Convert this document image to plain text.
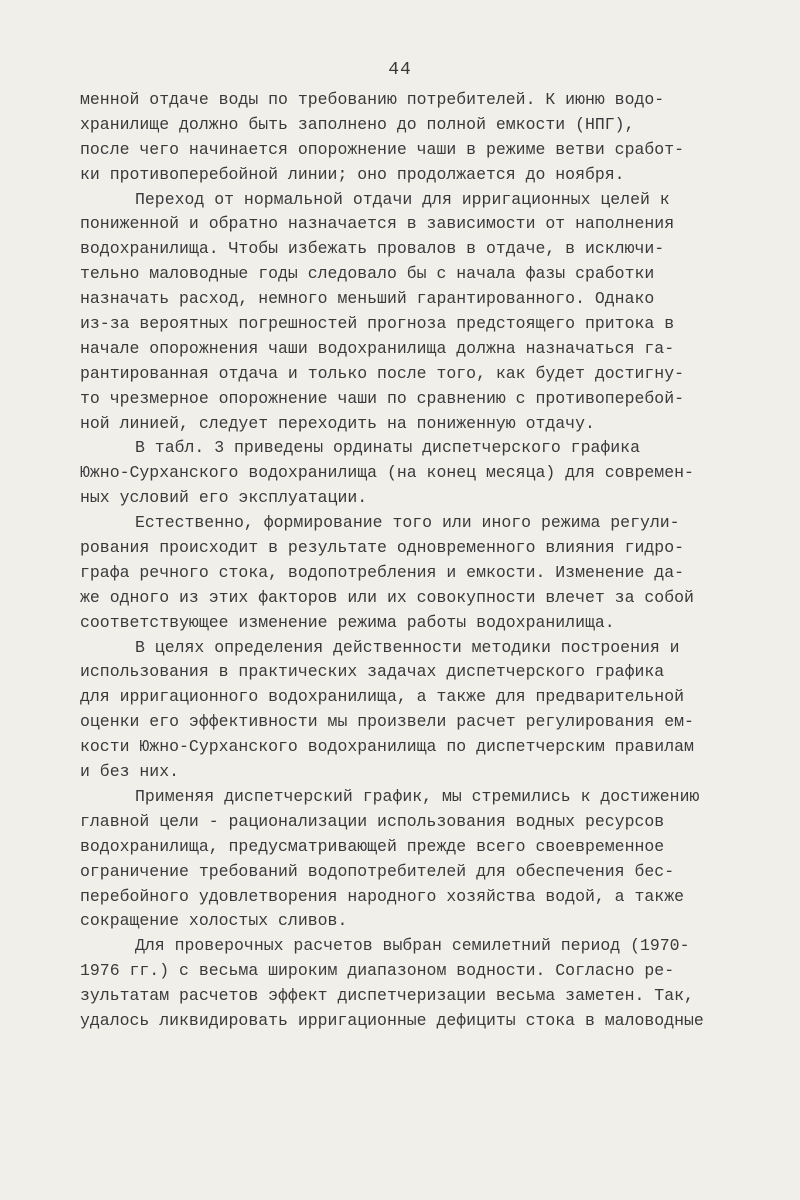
44
менной отдаче воды по требованию потребителей. К июню водо-
хранилище должно быть заполнено до полной емкости (НПГ),
после чего начинается опорожнение чаши в режиме ветви сработ-
ки противоперебойной линии; оно продолжается до ноября.
Переход от нормальной отдачи для ирригационных целей к
пониженной и обратно назначается в зависимости от наполнения
водохранилища. Чтобы избежать провалов в отдаче, в исключи-
тельно маловодные годы следовало бы с начала фазы сработки
назначать расход, немного меньший гарантированного. Однако
из-за вероятных погрешностей прогноза предстоящего притока в
начале опорожнения чаши водохранилища должна назначаться га-
рантированная отдача и только после того, как будет достигну-
то чрезмерное опорожнение чаши по сравнению с противоперебой-
ной линией, следует переходить на пониженную отдачу.
В табл. 3 приведены ординаты диспетчерского графика
Южно-Сурханского водохранилища (на конец месяца) для современ-
ных условий его эксплуатации.
Естественно, формирование того или иного режима регули-
рования происходит в результате одновременного влияния гидро-
графа речного стока, водопотребления и емкости. Изменение да-
же одного из этих факторов или их совокупности влечет за собой
соответствующее изменение режима работы водохранилища.
В целях определения действенности методики построения и
использования в практических задачах диспетчерского графика
для ирригационного водохранилища, а также для предварительной
оценки его эффективности мы произвели расчет регулирования ем-
кости Южно-Сурханского водохранилища по диспетчерским правилам
и без них.
Применяя диспетчерский график, мы стремились к достижению
главной цели - рационализации использования водных ресурсов
водохранилища, предусматривающей прежде всего своевременное
ограничение требований водопотребителей для обеспечения бес-
перебойного удовлетворения народного хозяйства водой, а также
сокращение холостых сливов.
Для проверочных расчетов выбран семилетний период (1970-
1976 гг.) с весьма широким диапазоном водности. Согласно ре-
зультатам расчетов эффект диспетчеризации весьма заметен. Так,
удалось ликвидировать ирригационные дефициты стока в маловодные
